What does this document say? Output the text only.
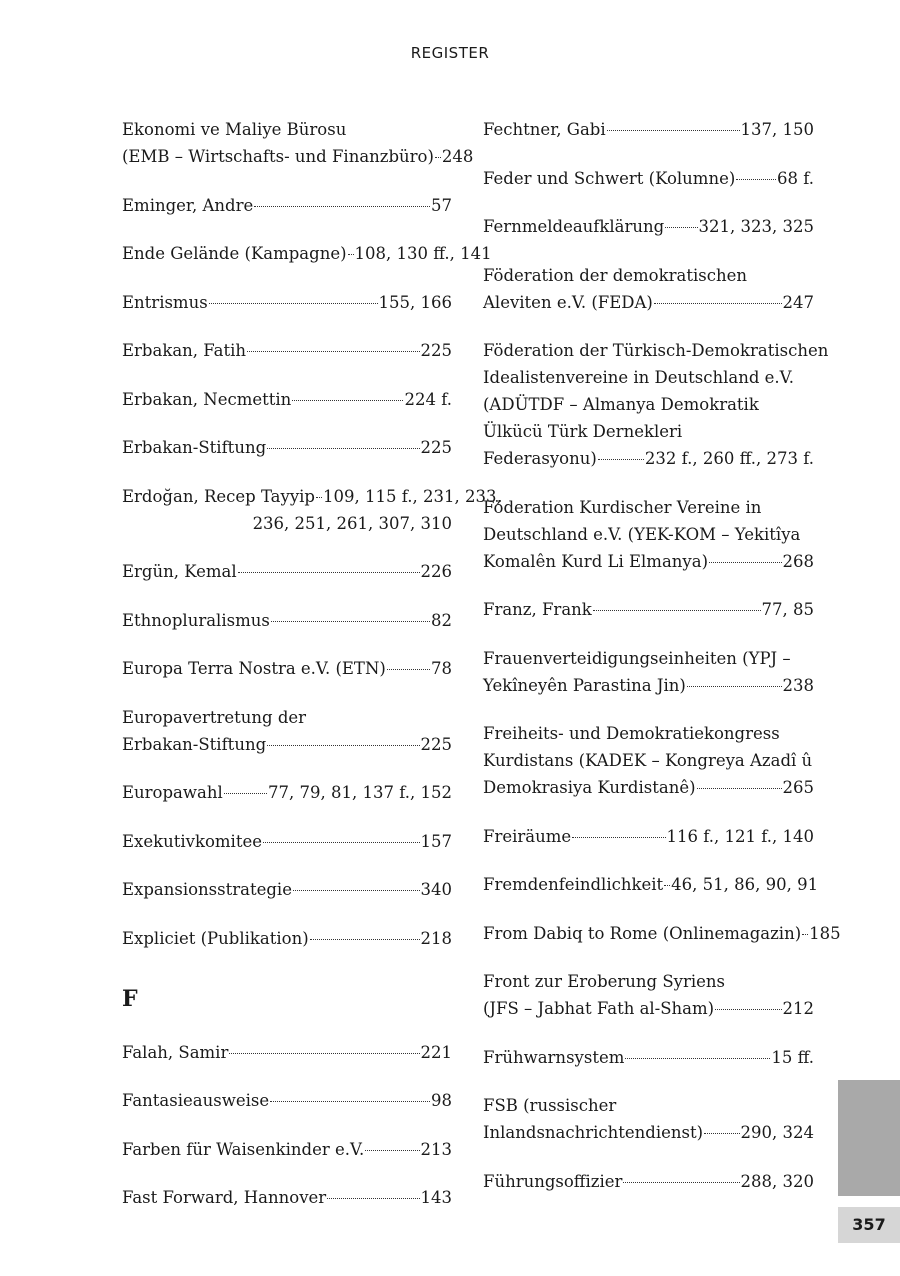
REGISTER
Ekonomi ve Maliye Bürosu
(EMB – Wirtschafts- und Finanzbüro) 248
Eminger, Andre	57
Ende Gelände (Kampagne) 108, 130 ff., 141
Entrismus	155, 166
Erbakan, Fatih	225
Erbakan, Necmettin	224 f.
Erbakan-Stiftung	225
Erdoğan, Recep Tayyip 109, 115 f., 231, 233,
236, 251, 261, 307, 310
Ergün, Kemal	226
Ethnopluralismus	82
Europa Terra Nostra e.V. (ETN)	78
Europavertretung der
Erbakan-Stiftung	225
Europawahl	77, 79, 81, 137 f., 152
Exekutivkomitee	157
Expansionsstrategie	340
Expliciet (Publikation)	218
F
Falah, Samir	221
Fantasieausweise	98
Farben für Waisenkinder e.V.	213
Fast Forward, Hannover	143
Fechtner, Gabi	137, 150
Feder und Schwert (Kolumne)	68 f.
Fernmeldeaufklärung 321, 323, 325
Föderation der demokratischen
Aleviten e.V. (FEDA)	247
Föderation der Türkisch-Demokratischen
Idealistenvereine in Deutschland e.V.
(ADÜTDF – Almanya Demokratik
Ülkücü Türk Dernekleri
Federasyonu)	232 f., 260 ff., 273 f.
Föderation Kurdischer Vereine in
Deutschland e.V. (YEK-KOM – Yekitîya
Komalên Kurd Li Elmanya)	268
Franz, Frank	77, 85
Frauenverteidigungseinheiten (YPJ –
Yekîneyên Parastina Jin)	238
Freiheits- und Demokratiekongress
Kurdistans (KADEK – Kongreya Azadî û
Demokrasiya Kurdistanê)	265
Freiräume	116 f., 121 f., 140
Fremdenfeindlichkeit 46, 51, 86, 90, 91
From Dabiq to Rome (Onlinemagazin) 185
Front zur Eroberung Syriens
(JFS – Jabhat Fath al-Sham)	212
Frühwarnsystem	15 ff.
FSB (russischer
Inlandsnachrichtendienst) 290, 324
Führungsoffizier	288, 320
357
